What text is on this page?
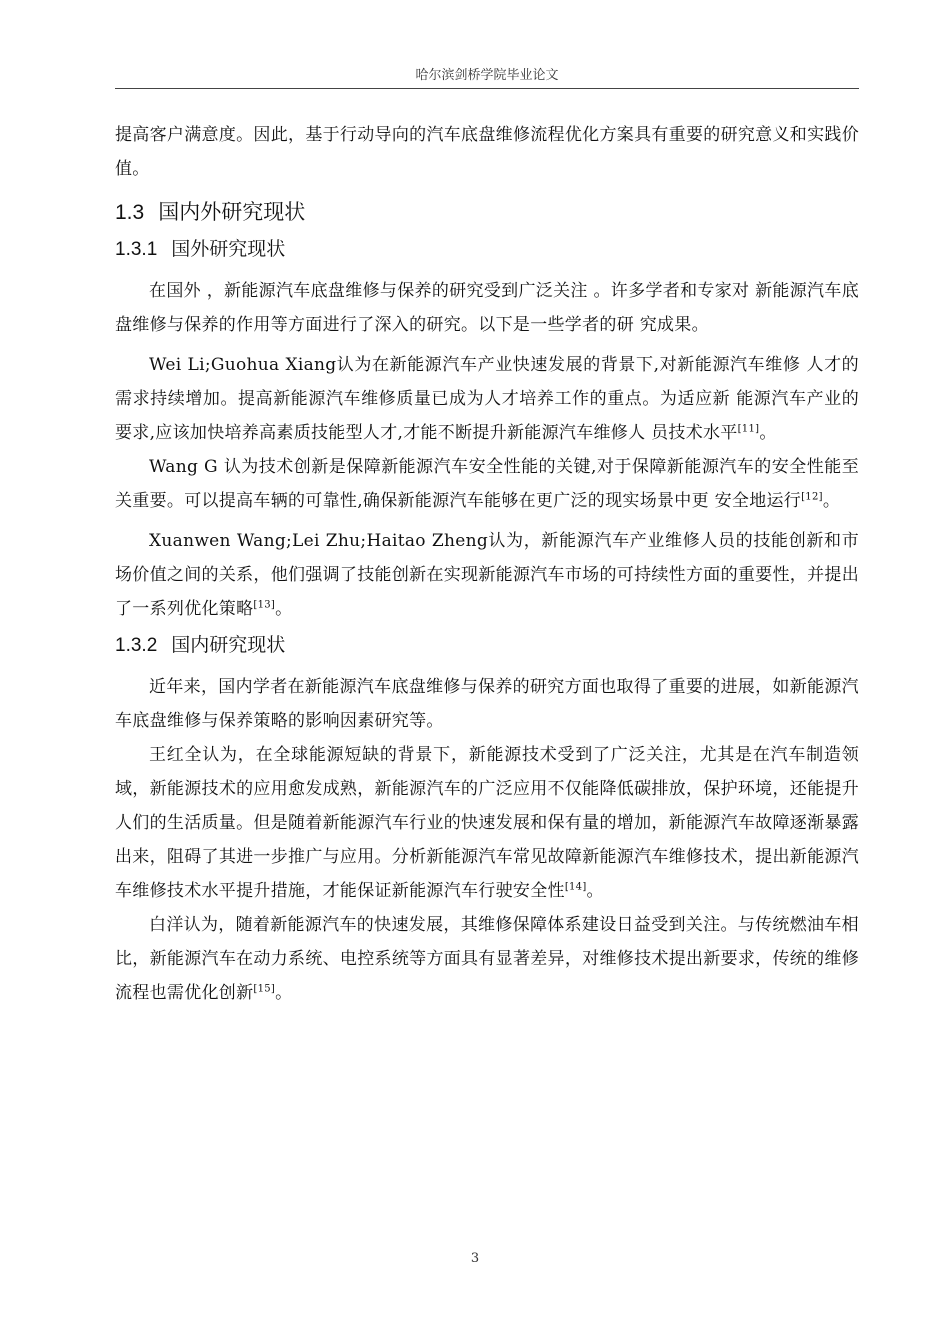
哈尔滨剑桥学院毕业论文

提高客户满意度。因此，基于行动导向的汽车底盘维修流程优化方案具有重要的研究意义和实践价值。

1.3 国内外研究现状
1.3.1 国外研究现状

在国外 ，新能源汽车底盘维修与保养的研究受到广泛关注 。许多学者和专家对 新能源汽车底盘维修与保养的作用等方面进行了深入的研究。以下是一些学者的研 究成果。

Wei Li;Guohua Xiang认为在新能源汽车产业快速发展的背景下,对新能源汽车维修 人才的需求持续增加。提高新能源汽车维修质量已成为人才培养工作的重点。为适应新 能源汽车产业的要求,应该加快培养高素质技能型人才,才能不断提升新能源汽车维修人 员技术水平[11]。

Wang G 认为技术创新是保障新能源汽车安全性能的关键,对于保障新能源汽车的安全性能至关重要。可以提高车辆的可靠性,确保新能源汽车能够在更广泛的现实场景中更 安全地运行[12]。

Xuanwen Wang;Lei Zhu;Haitao Zheng认为，新能源汽车产业维修人员的技能创新和市场价值之间的关系，他们强调了技能创新在实现新能源汽车市场的可持续性方面的重要性，并提出了一系列优化策略[13]。

1.3.2 国内研究现状

近年来，国内学者在新能源汽车底盘维修与保养的研究方面也取得了重要的进展，如新能源汽车底盘维修与保养策略的影响因素研究等。

王红全认为，在全球能源短缺的背景下，新能源技术受到了广泛关注，尤其是在汽车制造领域，新能源技术的应用愈发成熟，新能源汽车的广泛应用不仅能降低碳排放，保护环境，还能提升人们的生活质量。但是随着新能源汽车行业的快速发展和保有量的增加，新能源汽车故障逐渐暴露出来，阻碍了其进一步推广与应用。分析新能源汽车常见故障新能源汽车维修技术，提出新能源汽车维修技术水平提升措施，才能保证新能源汽车行驶安全性[14]。

白洋认为，随着新能源汽车的快速发展，其维修保障体系建设日益受到关注。与传统燃油车相比，新能源汽车在动力系统、电控系统等方面具有显著差异，对维修技术提出新要求，传统的维修流程也需优化创新[15]。

3
